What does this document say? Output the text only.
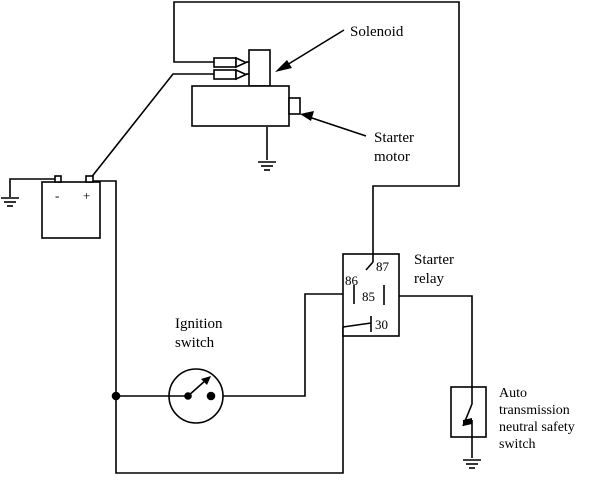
Solenoid
Starter
motor
Starter
relay
Ignition
switch
Auto
transmission
neutral safety
switch
- +
86
87
85
30
